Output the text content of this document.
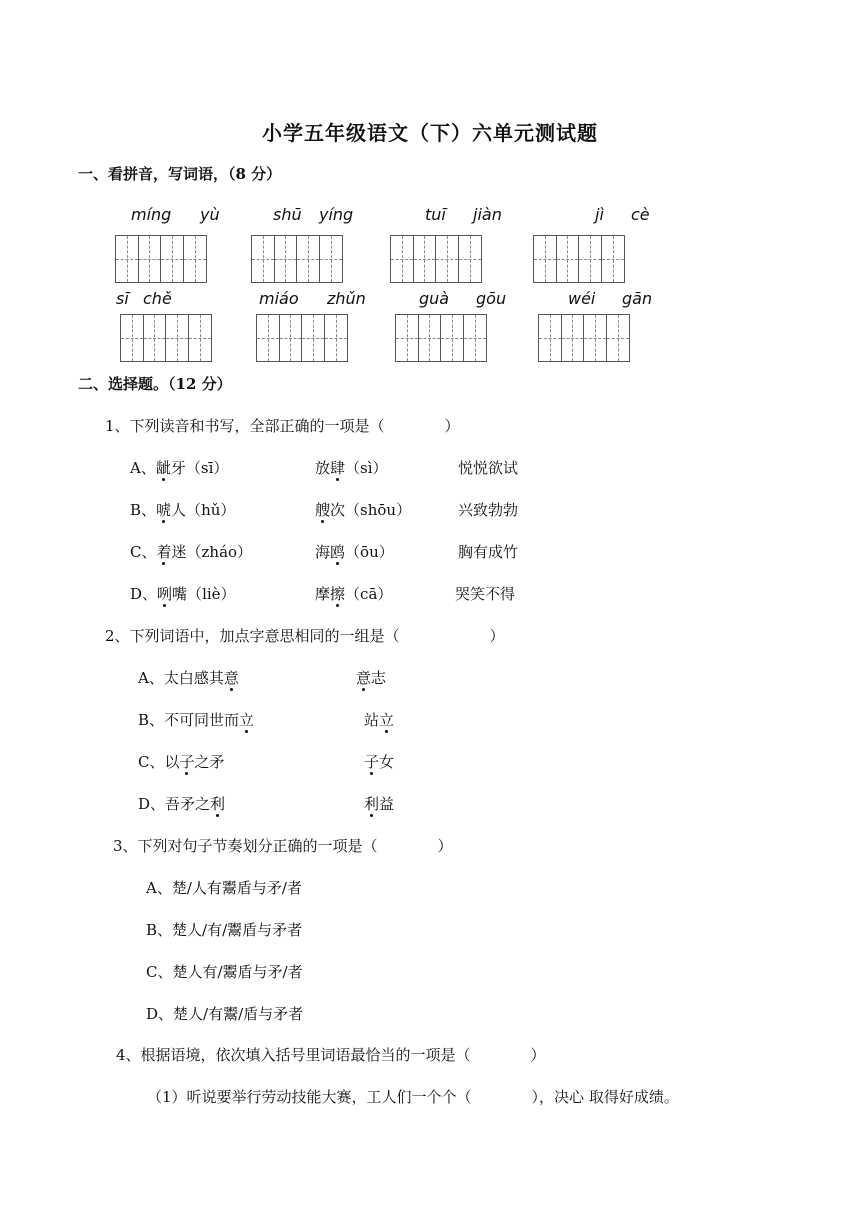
小学五年级语文（下）六单元测试题
一、看拼音，写词语，（8 分）
míng yù	shū yíng	tuī jiàn	jì cè
sī chě	miáo zhǔn	guà gōu	wéi gān
二、选择题。（12 分）
1、下列读音和书写，全部正确的一项是（　　　　）
A、龇牙（sī）	放肆（sì）	悦悦欲试
B、唬人（hǔ）	艘次（shōu）	兴致勃勃
C、着迷（zháo）	海鸥（ōu）	胸有成竹
D、咧嘴（liè）	摩擦（cā）	哭笑不得
2、下列词语中，加点字意思相同的一组是（　　　　　　）
A、太白感其意	意志
B、不可同世而立	站立
C、以子之矛	子女
D、吾矛之利	利益
3、下列对句子节奏划分正确的一项是（　　　　）
A、楚/人有鬻盾与矛/者
B、楚人/有/鬻盾与矛者
C、楚人有/鬻盾与矛/者
D、楚人/有鬻/盾与矛者
4、根据语境，依次填入括号里词语最恰当的一项是（　　　　）
（1）听说要举行劳动技能大赛，工人们一个个（　　　　），决心 取得好成绩。
